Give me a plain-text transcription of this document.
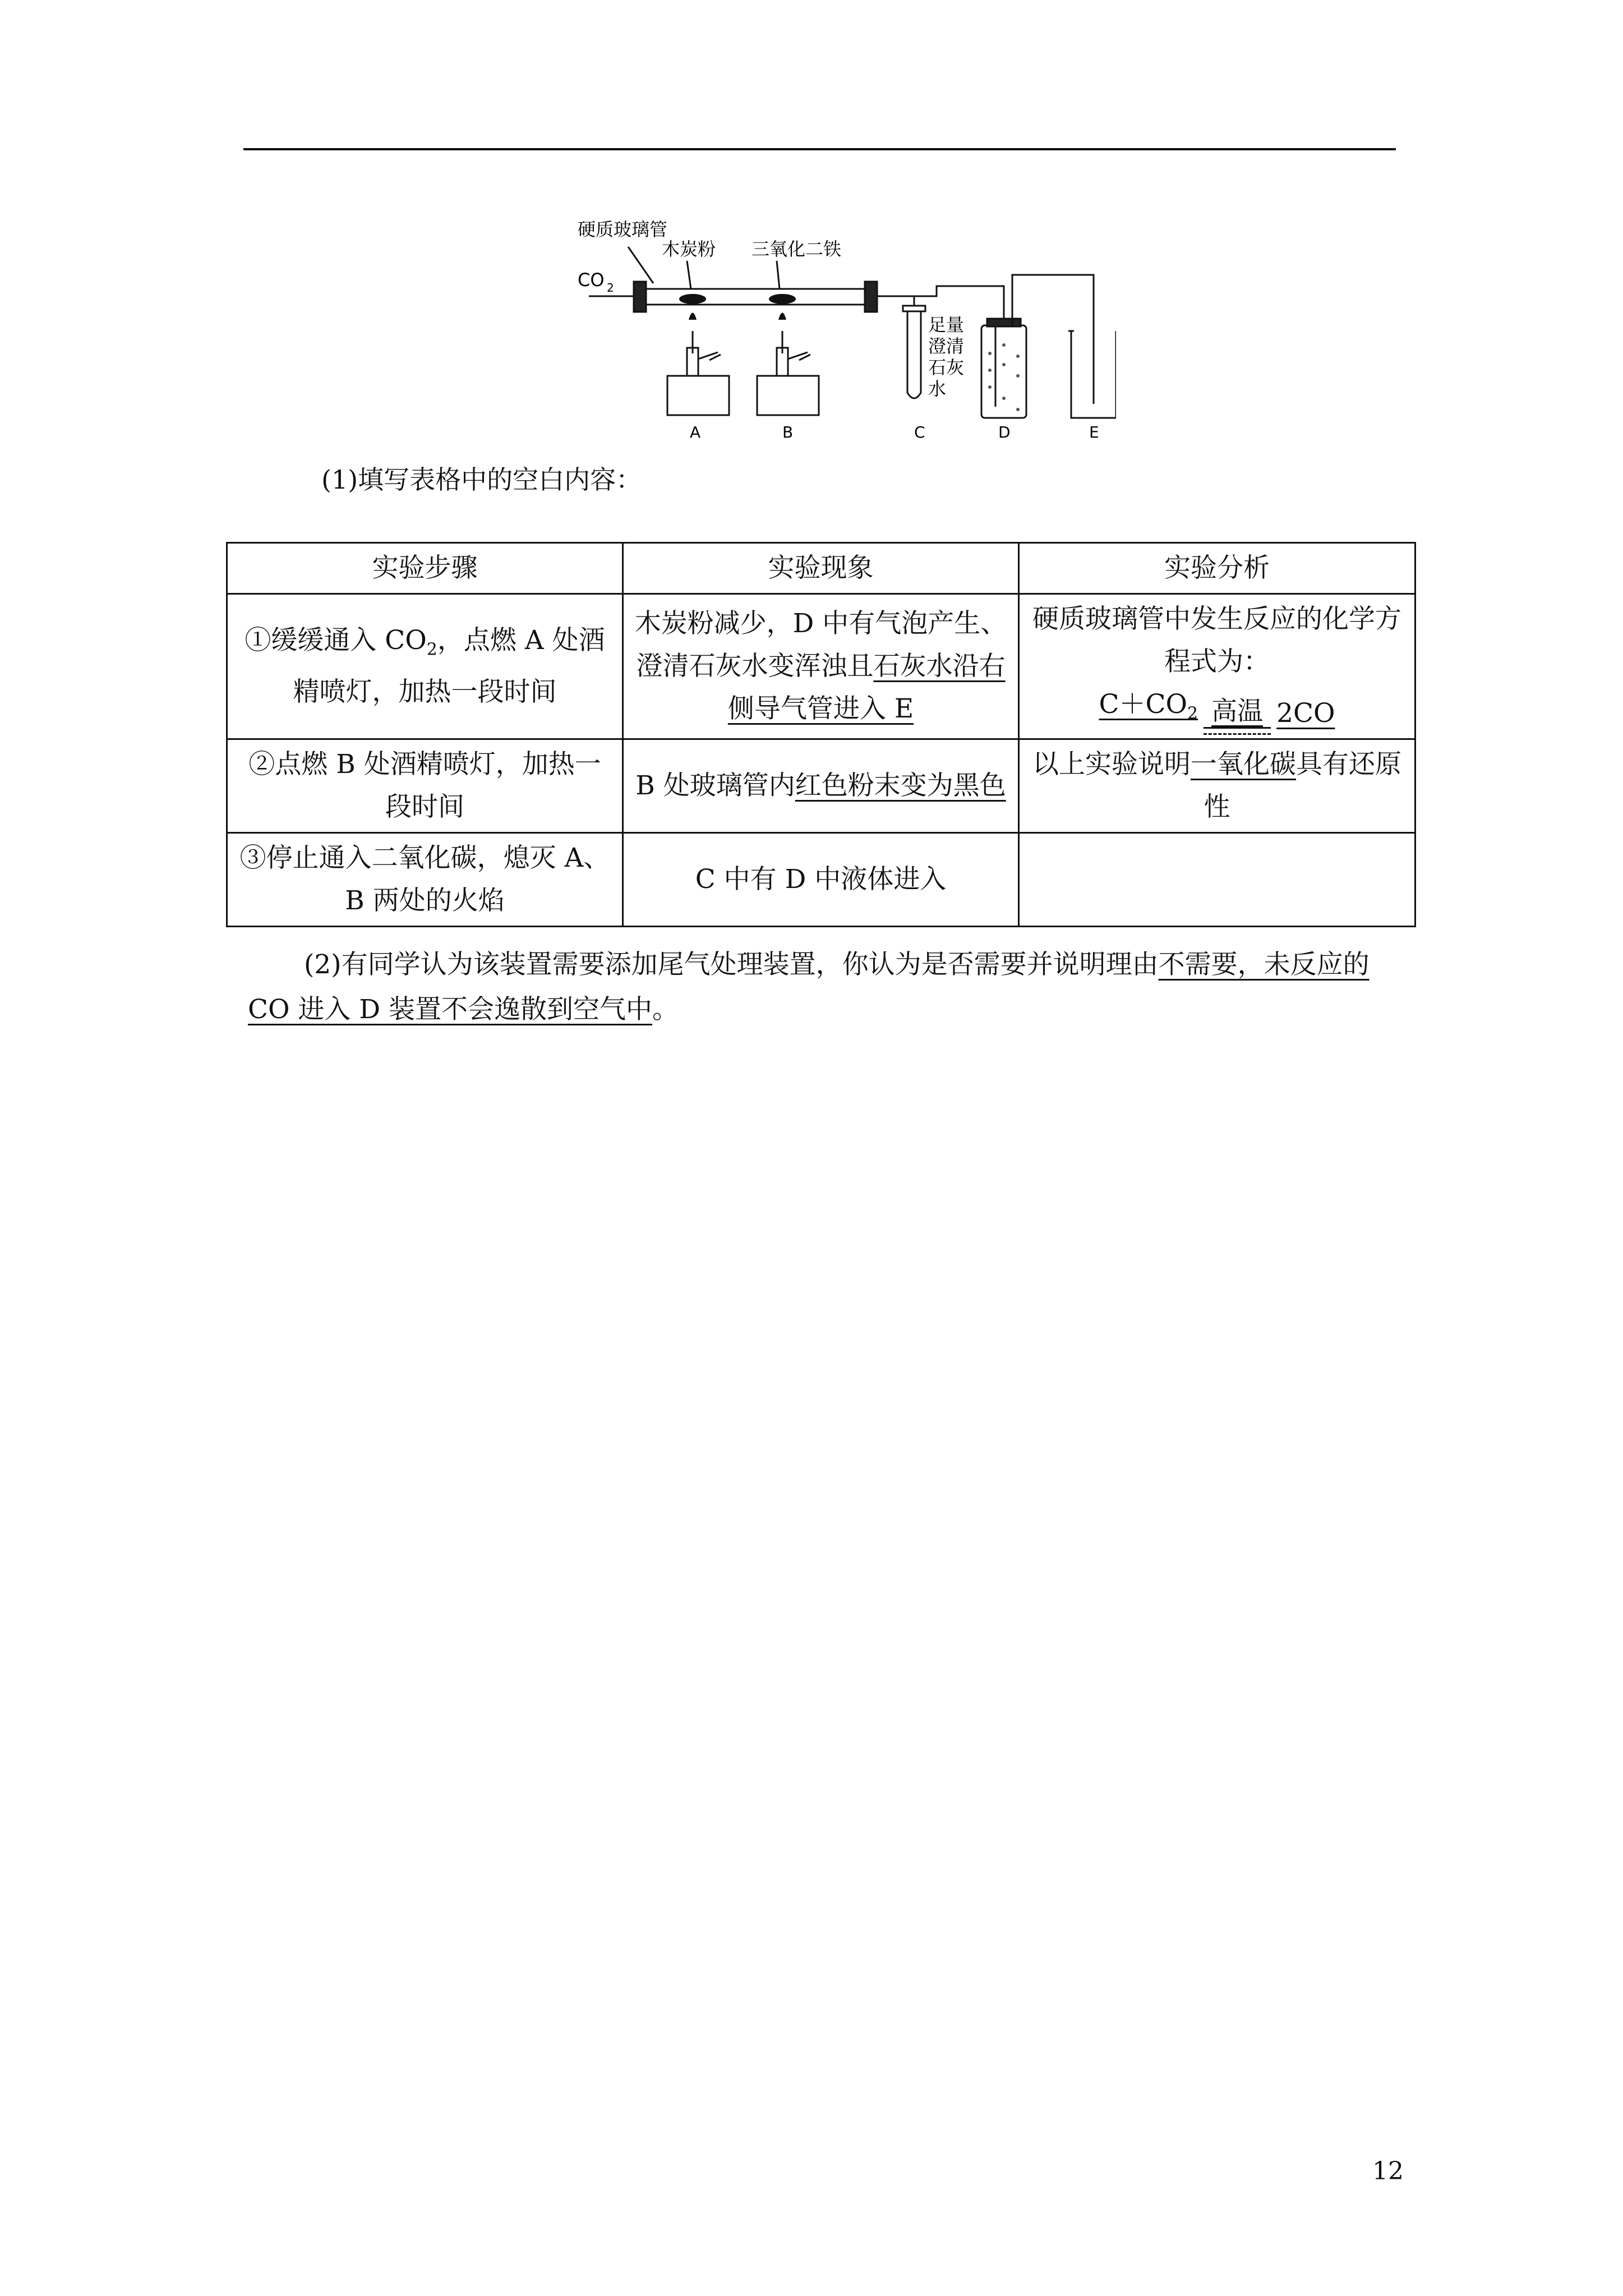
硬质玻璃管
木炭粉 三氧化二铁
CO 2
足量
澄清
石灰
水
A	B	C	D	E
(1)填写表格中的空白内容：
实验步骤	实验现象	实验分析
①缓缓通入 $CO_2$，点燃 A 处酒精喷灯，加热一段时间	木炭粉减少，D 中有气泡产生、澄清石灰水变浑浊且石灰水沿右侧导气管进入 E	硬质玻璃管中发生反应的化学方程式为：
$C+CO_2$ 高温 2CO

②点燃 B 处酒精喷灯，加热一段时间	B 处玻璃管内红色粉末变为黑色	以上实验说明一氧化碳具有还原性
③停止通入二氧化碳，熄灭 A、B 两处的火焰	C 中有 D 中液体进入	
(2)有同学认为该装置需要添加尾气处理装置，你认为是否需要并说明理由不需要，未反应的 CO 进入 D 装置不会逸散到空气中。
12
